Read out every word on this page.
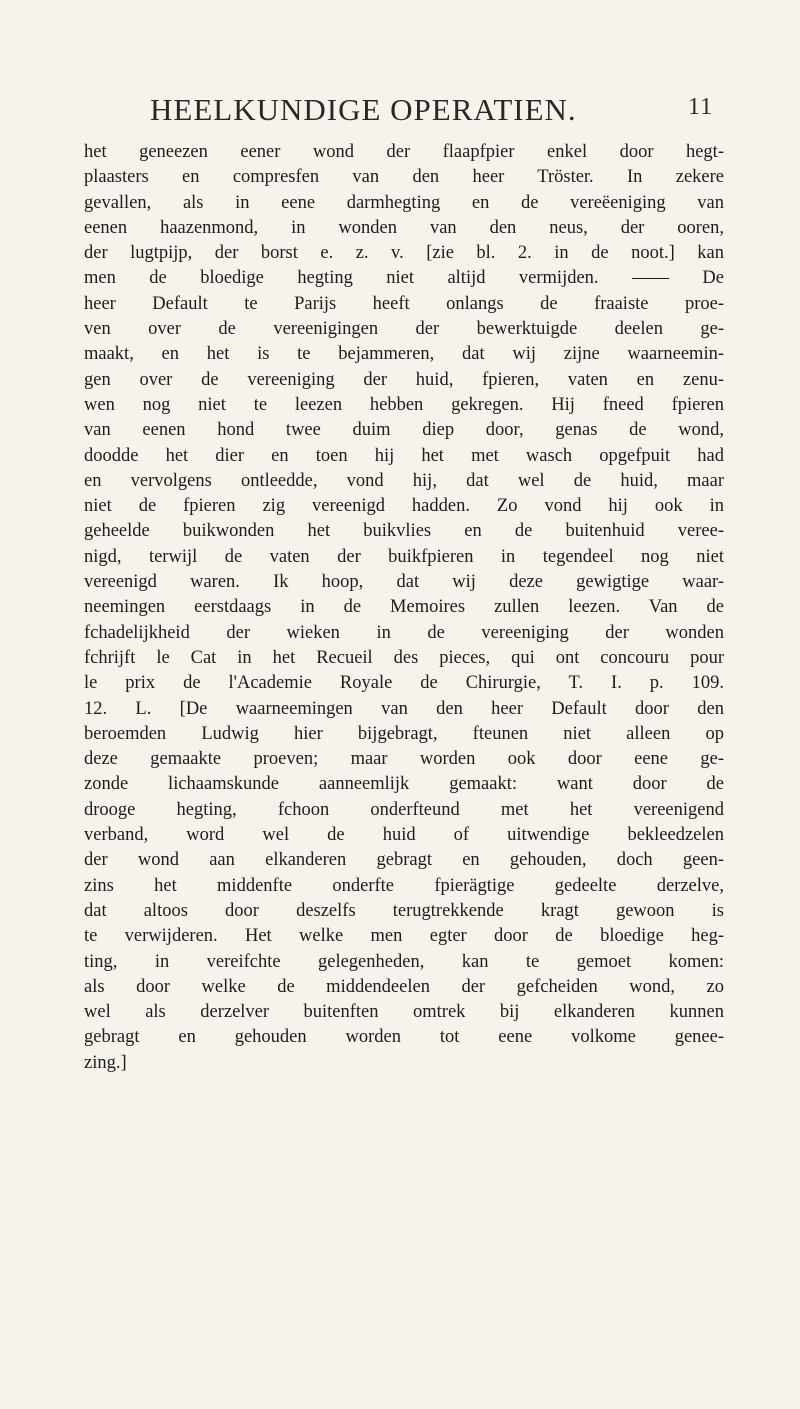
HEELKUNDIGE OPERATIEN.	11
het geneezen eener wond der flaapfpier enkel door hegt-
plaasters en compresfen van den heer Tröster. In zekere
gevallen, als in eene darmhegting en de vereëeniging van
eenen haazenmond, in wonden van den neus, der ooren,
der lugtpijp, der borst e. z. v. [zie bl. 2. in de noot.] kan
men de bloedige hegting niet altijd vermijden. —— De
heer Default te Parijs heeft onlangs de fraaiste proe-
ven over de vereenigingen der bewerktuigde deelen ge-
maakt, en het is te bejammeren, dat wij zijne waarneemin-
gen over de vereeniging der huid, fpieren, vaten en zenu-
wen nog niet te leezen hebben gekregen. Hij fneed fpieren
van eenen hond twee duim diep door, genas de wond,
doodde het dier en toen hij het met wasch opgefpuit had
en vervolgens ontleedde, vond hij, dat wel de huid, maar
niet de fpieren zig vereenigd hadden. Zo vond hij ook in
geheelde buikwonden het buikvlies en de buitenhuid veree-
nigd, terwijl de vaten der buikfpieren in tegendeel nog niet
vereenigd waren. Ik hoop, dat wij deze gewigtige waar-
neemingen eerstdaags in de Memoires zullen leezen. Van de
fchadelijkheid der wieken in de vereeniging der wonden
fchrijft le Cat in het Recueil des pieces, qui ont concouru pour
le prix de l'Academie Royale de Chirurgie, T. I. p. 109.
12. L. [De waarneemingen van den heer Default door den
beroemden Ludwig hier bijgebragt, fteunen niet alleen op
deze gemaakte proeven; maar worden ook door eene ge-
zonde lichaamskunde aanneemlijk gemaakt: want door de
drooge hegting, fchoon onderfteund met het vereenigend
verband, word wel de huid of uitwendige bekleedzelen
der wond aan elkanderen gebragt en gehouden, doch geen-
zins het middenfte onderfte fpierägtige gedeelte derzelve,
dat altoos door deszelfs terugtrekkende kragt gewoon is
te verwijderen. Het welke men egter door de bloedige heg-
ting, in vereifchte gelegenheden, kan te gemoet komen:
als door welke de middendeelen der gefcheiden wond, zo
wel als derzelver buitenften omtrek bij elkanderen kunnen
gebragt en gehouden worden tot eene volkome genee-
zing.]
